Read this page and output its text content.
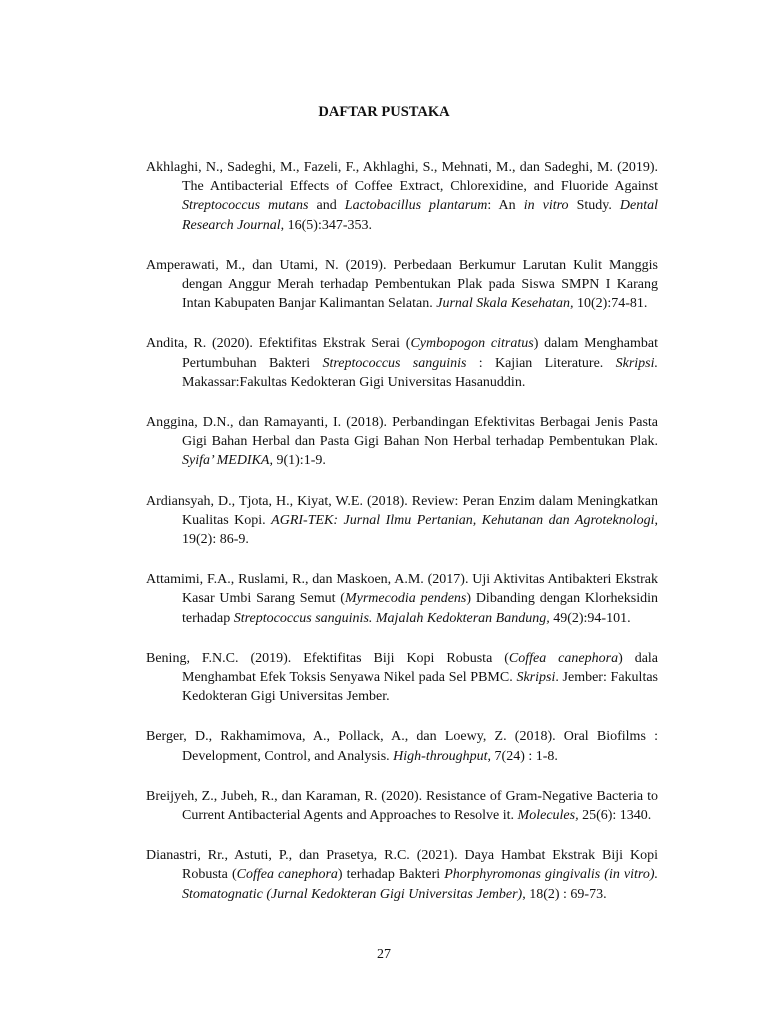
DAFTAR PUSTAKA
Akhlaghi, N., Sadeghi, M., Fazeli, F., Akhlaghi, S., Mehnati, M., dan Sadeghi, M. (2019). The Antibacterial Effects of Coffee Extract, Chlorexidine, and Fluoride Against Streptococcus mutans and Lactobacillus plantarum: An in vitro Study. Dental Research Journal, 16(5):347-353.
Amperawati, M., dan Utami, N. (2019). Perbedaan Berkumur Larutan Kulit Manggis dengan Anggur Merah terhadap Pembentukan Plak pada Siswa SMPN I Karang Intan Kabupaten Banjar Kalimantan Selatan. Jurnal Skala Kesehatan, 10(2):74-81.
Andita, R. (2020). Efektifitas Ekstrak Serai (Cymbopogon citratus) dalam Menghambat Pertumbuhan Bakteri Streptococcus sanguinis : Kajian Literature. Skripsi. Makassar:Fakultas Kedokteran Gigi Universitas Hasanuddin.
Anggina, D.N., dan Ramayanti, I. (2018). Perbandingan Efektivitas Berbagai Jenis Pasta Gigi Bahan Herbal dan Pasta Gigi Bahan Non Herbal terhadap Pembentukan Plak. Syifa’ MEDIKA, 9(1):1-9.
Ardiansyah, D., Tjota, H., Kiyat, W.E. (2018). Review: Peran Enzim dalam Meningkatkan Kualitas Kopi. AGRI-TEK: Jurnal Ilmu Pertanian, Kehutanan dan Agroteknologi, 19(2): 86-9.
Attamimi, F.A., Ruslami, R., dan Maskoen, A.M. (2017). Uji Aktivitas Antibakteri Ekstrak Kasar Umbi Sarang Semut (Myrmecodia pendens) Dibanding dengan Klorheksidin terhadap Streptococcus sanguinis. Majalah Kedokteran Bandung, 49(2):94-101.
Bening, F.N.C. (2019). Efektifitas Biji Kopi Robusta (Coffea canephora) dala Menghambat Efek Toksis Senyawa Nikel pada Sel PBMC. Skripsi. Jember: Fakultas Kedokteran Gigi Universitas Jember.
Berger, D., Rakhamimova, A., Pollack, A., dan Loewy, Z. (2018). Oral Biofilms : Development, Control, and Analysis. High-throughput, 7(24) : 1-8.
Breijyeh, Z., Jubeh, R., dan Karaman, R. (2020). Resistance of Gram-Negative Bacteria to Current Antibacterial Agents and Approaches to Resolve it. Molecules, 25(6): 1340.
Dianastri, Rr., Astuti, P., dan Prasetya, R.C. (2021). Daya Hambat Ekstrak Biji Kopi Robusta (Coffea canephora) terhadap Bakteri Phorphyromonas gingivalis (in vitro). Stomatognatic (Jurnal Kedokteran Gigi Universitas Jember), 18(2) : 69-73.

27
